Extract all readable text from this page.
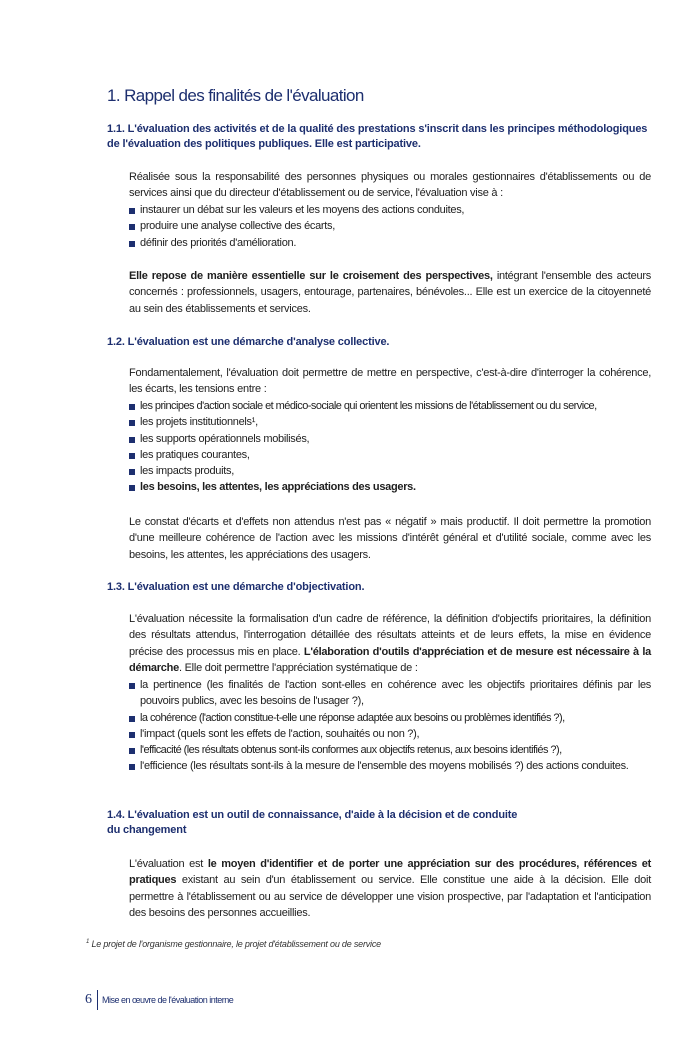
1. Rappel des finalités de l'évaluation
1.1. L'évaluation des activités et de la qualité des prestations s'inscrit dans les principes méthodologiques de l'évaluation des politiques publiques. Elle est participative.

Réalisée sous la responsabilité des personnes physiques ou morales gestionnaires d'établissements ou de services ainsi que du directeur d'établissement ou de service, l'évaluation vise à :

instaurer un débat sur les valeurs et les moyens des actions conduites,
produire une analyse collective des écarts,
définir des priorités d'amélioration.

Elle repose de manière essentielle sur le croisement des perspectives, intégrant l'ensemble des acteurs concernés : professionnels, usagers, entourage, partenaires, bénévoles... Elle est un exercice de la citoyenneté au sein des établissements et services.

1.2. L'évaluation est une démarche d'analyse collective.

Fondamentalement, l'évaluation doit permettre de mettre en perspective, c'est-à-dire d'interroger la cohérence, les écarts, les tensions entre :

les principes d'action sociale et médico-sociale qui orientent les missions de l'établissement ou du service,
les projets institutionnels¹,
les supports opérationnels mobilisés,
les pratiques courantes,
les impacts produits,
les besoins, les attentes, les appréciations des usagers.

Le constat d'écarts et d'effets non attendus n'est pas « négatif » mais productif. Il doit permettre la promotion d'une meilleure cohérence de l'action avec les missions d'intérêt général et d'utilité sociale, comme avec les besoins, les attentes, les appréciations des usagers.

1.3. L'évaluation est une démarche d'objectivation.

L'évaluation nécessite la formalisation d'un cadre de référence, la définition d'objectifs prioritaires, la définition des résultats attendus, l'interrogation détaillée des résultats atteints et de leurs effets, la mise en évidence précise des processus mis en place. L'élaboration d'outils d'appréciation et de mesure est nécessaire à la démarche. Elle doit permettre l'appréciation systématique de :

la pertinence (les finalités de l'action sont-elles en cohérence avec les objectifs prioritaires définis par les pouvoirs publics, avec les besoins de l'usager ?),
la cohérence (l'action constitue-t-elle une réponse adaptée aux besoins ou problèmes identifiés ?),
l'impact (quels sont les effets de l'action, souhaités ou non ?),
l'efficacité (les résultats obtenus sont-ils conformes aux objectifs retenus, aux besoins identifiés ?),
l'efficience (les résultats sont-ils à la mesure de l'ensemble des moyens mobilisés ?) des actions conduites.
1.4. L'évaluation est un outil de connaissance, d'aide à la décision et de conduite
du changement

L'évaluation est le moyen d'identifier et de porter une appréciation sur des procédures, références et pratiques existant au sein d'un établissement ou service. Elle constitue une aide à la décision. Elle doit permettre à l'établissement ou au service de développer une vision prospective, par l'adaptation et l'anticipation des besoins des personnes accueillies.

$^1$ Le projet de l'organisme gestionnaire, le projet d'établissement ou de service
6	Mise en œuvre de l'évaluation interne
